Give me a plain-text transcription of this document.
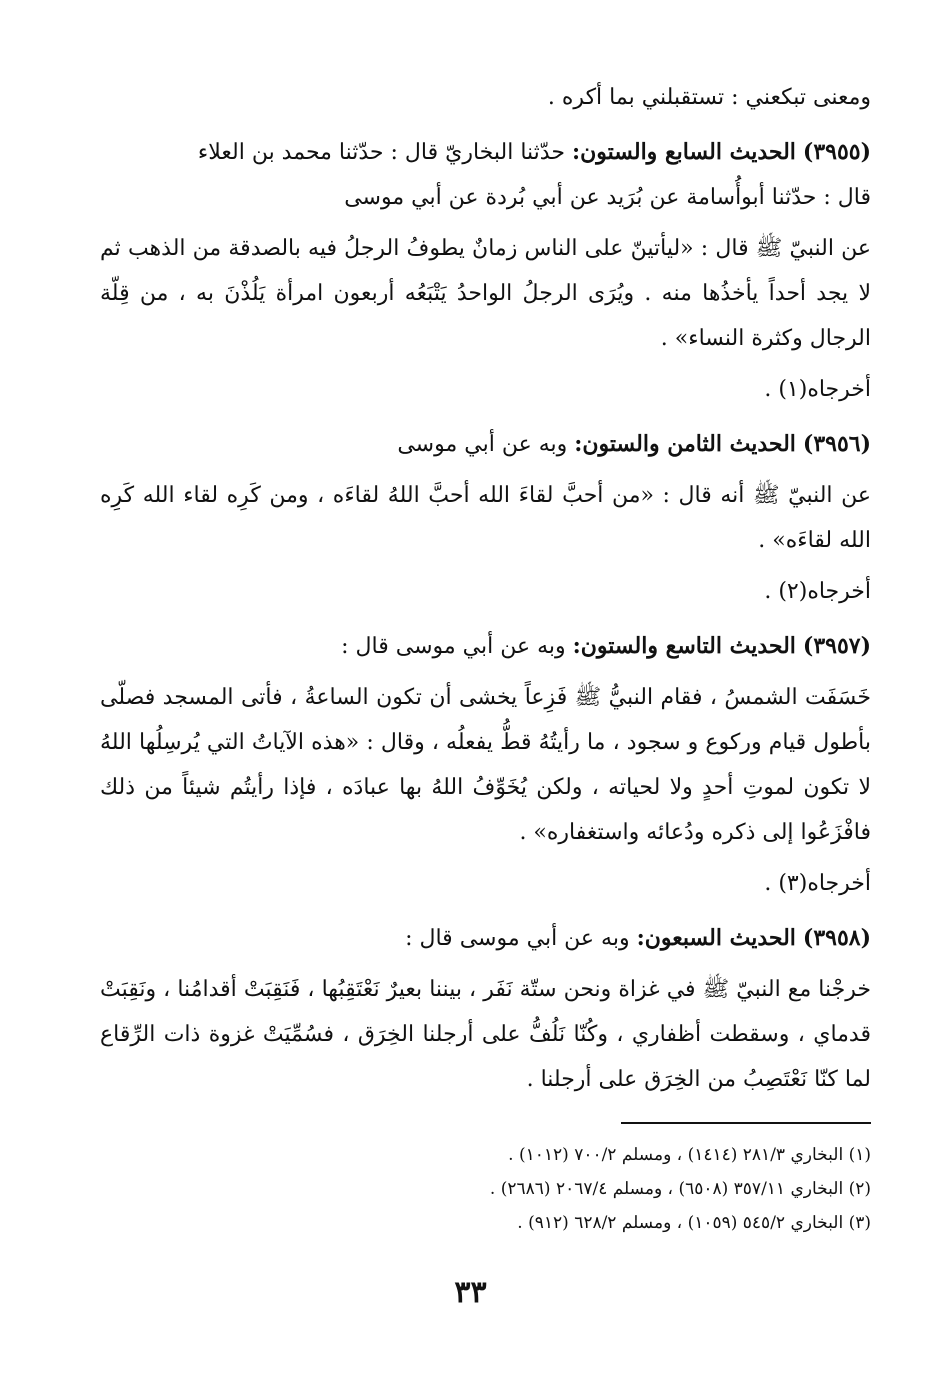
ومعنى تبكعني : تستقبلني بما أكره .

(٣٩٥٥) الحديث السابع والستون: حدّثنا البخاريّ قال : حدّثنا محمد بن العلاء

قال : حدّثنا أبوأُسامة عن بُرَيد عن أبي بُردة عن أبي موسى

عن النبيّ ﷺ قال : «ليأتينّ على الناس زمانٌ يطوفُ الرجلُ فيه بالصدقة من الذهب ثم لا يجد أحداً يأخذُها منه . ويُرَى الرجلُ الواحدُ يَتْبَعُه أربعون امرأة يَلُذْنَ به ، من قِلّة الرجال وكثرة النساء» .

أخرجاه(١) .

(٣٩٥٦) الحديث الثامن والستون: وبه عن أبي موسى

عن النبيّ ﷺ أنه قال : «من أحبَّ لقاءَ الله أحبَّ اللهُ لقاءَه ، ومن كَرِه لقاء الله كَرِه الله لقاءَه» .

أخرجاه(٢) .

(٣٩٥٧) الحديث التاسع والستون: وبه عن أبي موسى قال :

خَسَفَت الشمسُ ، فقام النبيُّ ﷺ فَزِعاً يخشى أن تكون الساعةُ ، فأتى المسجد فصلّى بأطول قيام وركوع و سجود ، ما رأيتُهُ قطُّ يفعلُه ، وقال : «هذه الآياتُ التي يُرسِلُها اللهُ لا تكون لموتِ أحدٍ ولا لحياته ، ولكن يُخَوِّفُ اللهُ بها عبادَه ، فإذا رأيتُم شيئاً من ذلك فافْزَعُوا إلى ذكره ودُعائه واستغفاره» .

أخرجاه(٣) .

(٣٩٥٨) الحديث السبعون: وبه عن أبي موسى قال :

خرجْنا مع النبيّ ﷺ في غزاة ونحن ستّة نَفَر ، بيننا بعيرٌ نَعْتَقِبُها ، فَنَقِبَتْ أقدامُنا ، ونَقِبَتْ قدماي ، وسقطت أظفاري ، وكُنّا نَلُفُّ على أرجلنا الخِرَق ، فسُمِّيَتْ غزوة ذات الرِّقاع لما كنّا نَعْتَصِبُ من الخِرَق على أرجلنا .

(١) البخاري ٢٨١/٣ (١٤١٤) ، ومسلم ٧٠٠/٢ (١٠١٢) .

(٢) البخاري ٣٥٧/١١ (٦٥٠٨) ، ومسلم ٢٠٦٧/٤ (٢٦٨٦) .

(٣) البخاري ٥٤٥/٢ (١٠٥٩) ، ومسلم ٦٢٨/٢ (٩١٢) .

٣٣
